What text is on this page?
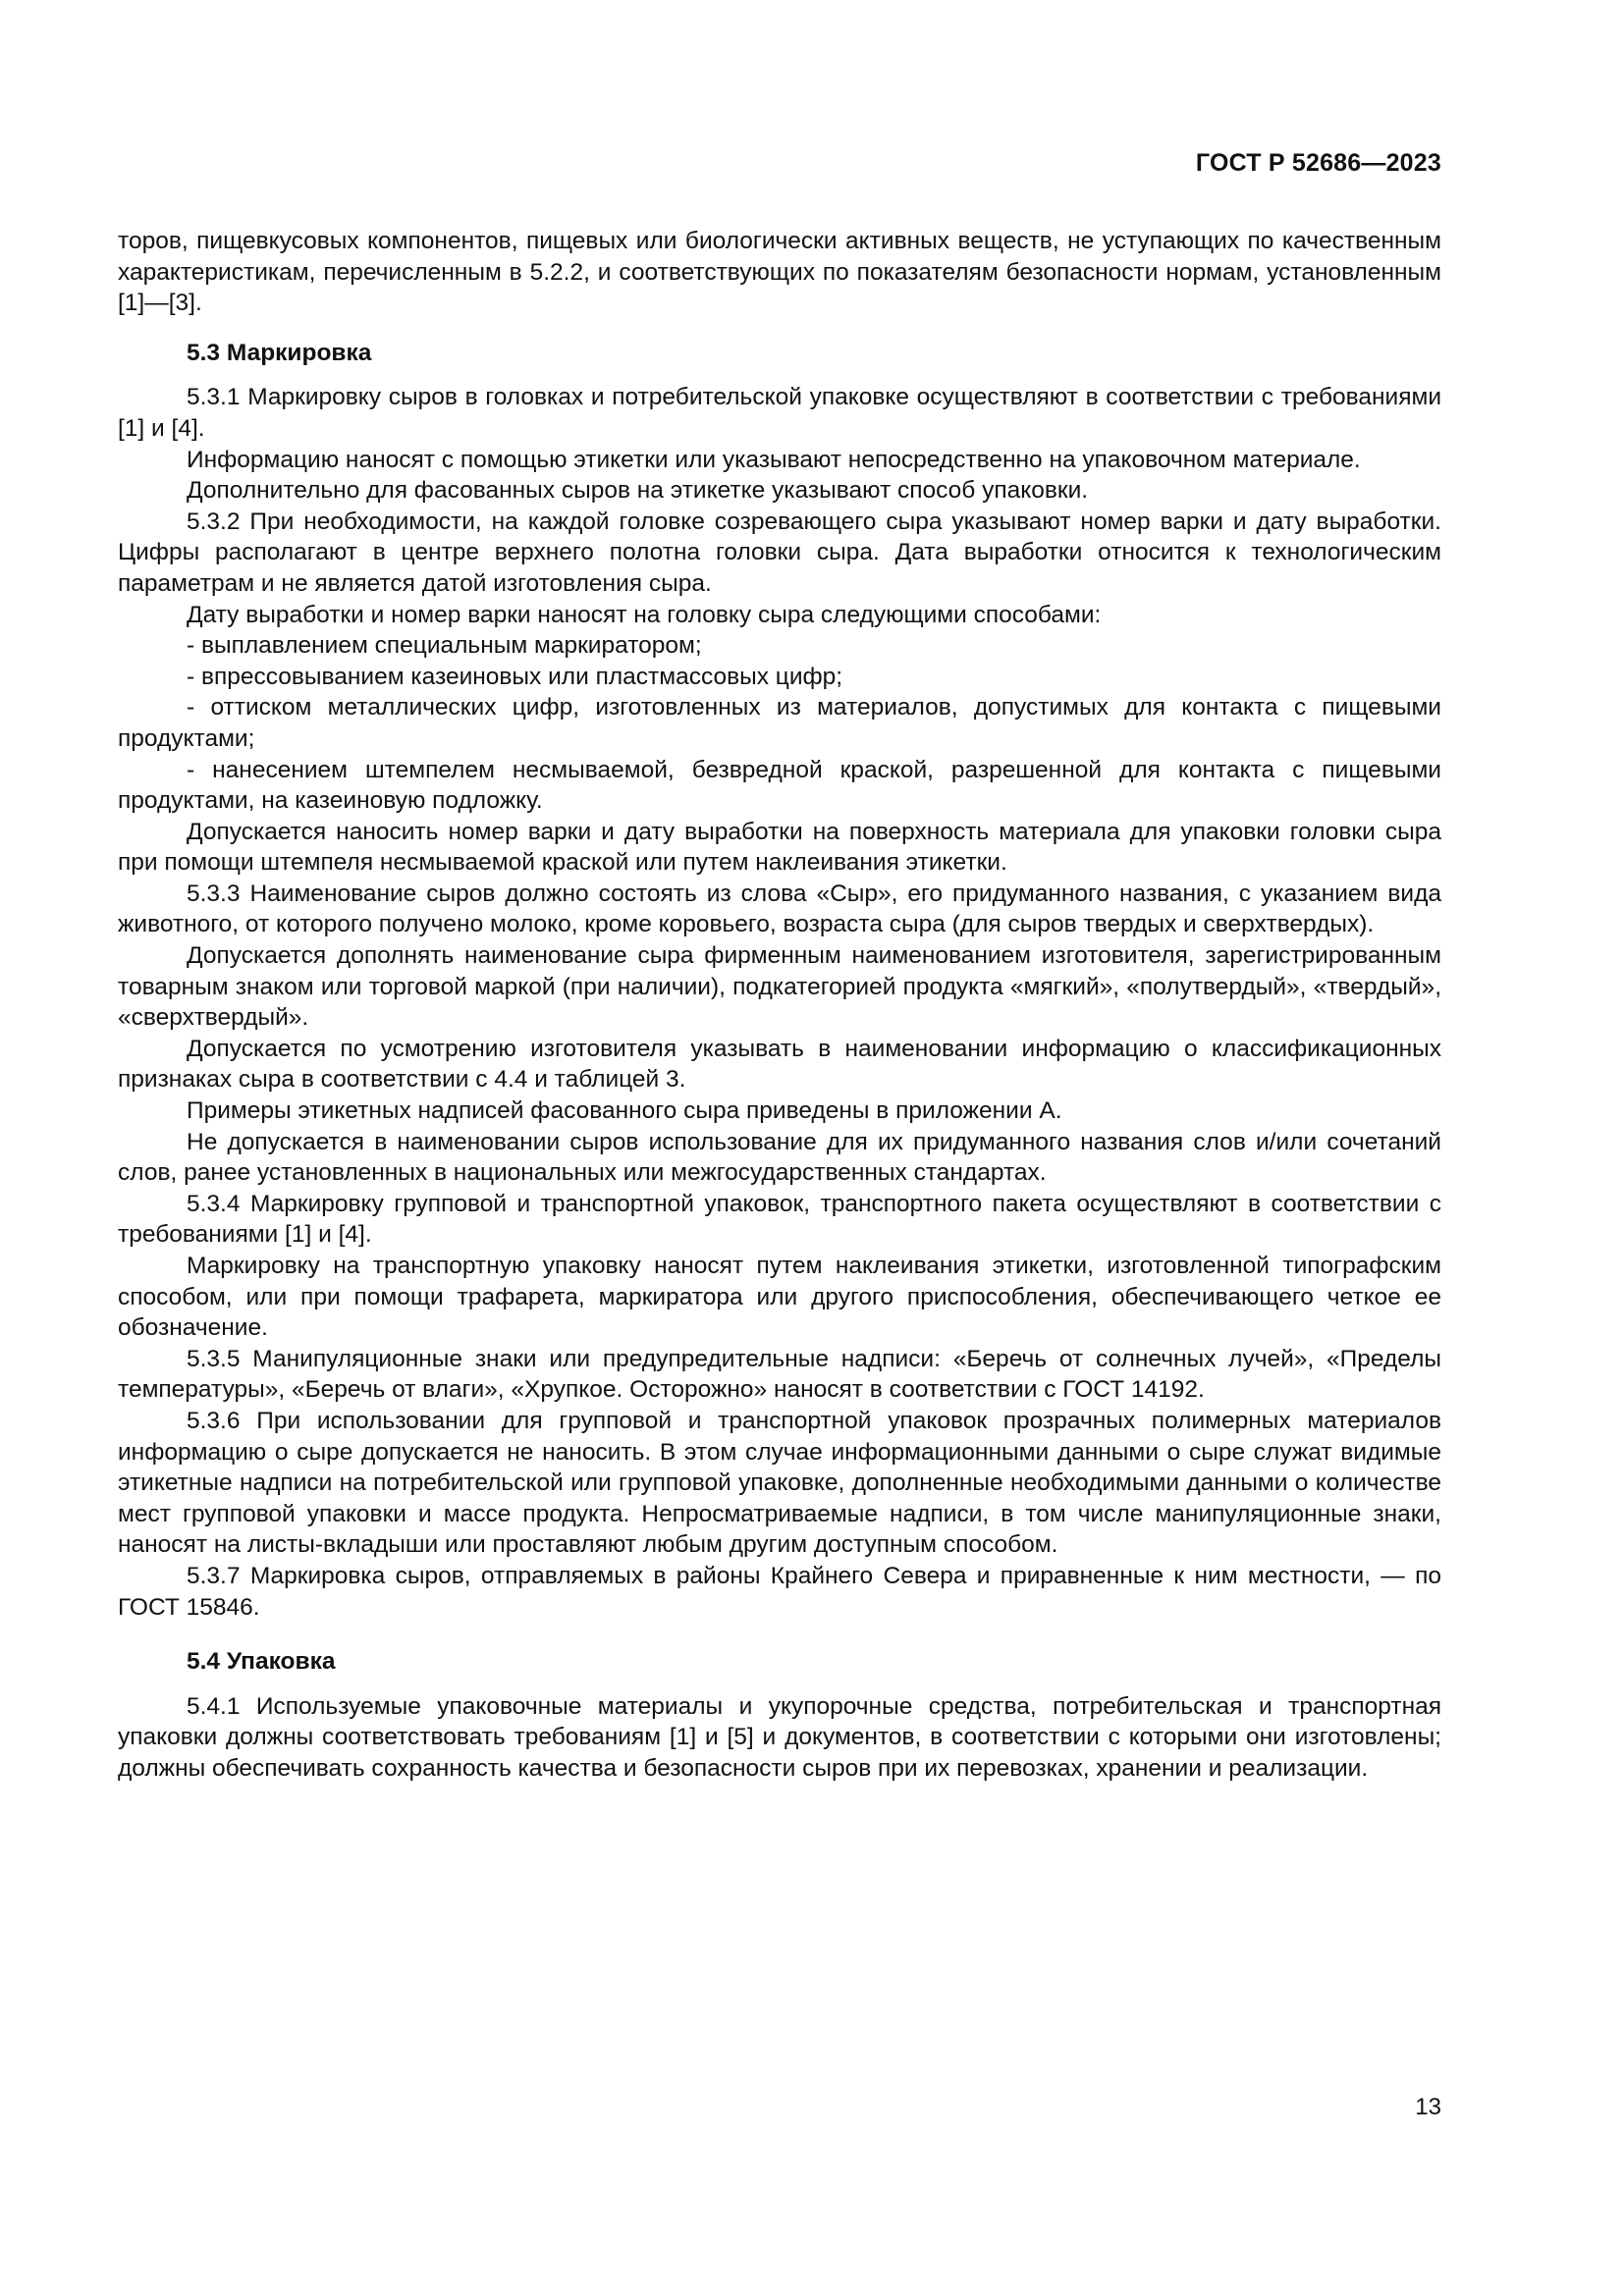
ГОСТ Р 52686—2023

торов, пищевкусовых компонентов, пищевых или биологически активных веществ, не уступающих по качественным характеристикам, перечисленным в 5.2.2, и соответствующих по показателям безопасности нормам, установленным [1]—[3].

5.3 Маркировка

5.3.1 Маркировку сыров в головках и потребительской упаковке осуществляют в соответствии с требованиями [1] и [4].

Информацию наносят с помощью этикетки или указывают непосредственно на упаковочном материале.

Дополнительно для фасованных сыров на этикетке указывают способ упаковки.

5.3.2 При необходимости, на каждой головке созревающего сыра указывают номер варки и дату выработки. Цифры располагают в центре верхнего полотна головки сыра. Дата выработки относится к технологическим параметрам и не является датой изготовления сыра.

Дату выработки и номер варки наносят на головку сыра следующими способами:

- выплавлением специальным маркиратором;

- впрессовыванием казеиновых или пластмассовых цифр;

- оттиском металлических цифр, изготовленных из материалов, допустимых для контакта с пищевыми продуктами;

- нанесением штемпелем несмываемой, безвредной краской, разрешенной для контакта с пищевыми продуктами, на казеиновую подложку.

Допускается наносить номер варки и дату выработки на поверхность материала для упаковки головки сыра при помощи штемпеля несмываемой краской или путем наклеивания этикетки.

5.3.3 Наименование сыров должно состоять из слова «Сыр», его придуманного названия, с указанием вида животного, от которого получено молоко, кроме коровьего, возраста сыра (для сыров твердых и сверхтвердых).

Допускается дополнять наименование сыра фирменным наименованием изготовителя, зарегистрированным товарным знаком или торговой маркой (при наличии), подкатегорией продукта «мягкий», «полутвердый», «твердый», «сверхтвердый».

Допускается по усмотрению изготовителя указывать в наименовании информацию о классификационных признаках сыра в соответствии с 4.4 и таблицей 3.

Примеры этикетных надписей фасованного сыра приведены в приложении А.

Не допускается в наименовании сыров использование для их придуманного названия слов и/или сочетаний слов, ранее установленных в национальных или межгосударственных стандартах.

5.3.4 Маркировку групповой и транспортной упаковок, транспортного пакета осуществляют в соответствии с требованиями [1] и [4].

Маркировку на транспортную упаковку наносят путем наклеивания этикетки, изготовленной типографским способом, или при помощи трафарета, маркиратора или другого приспособления, обеспечивающего четкое ее обозначение.

5.3.5 Манипуляционные знаки или предупредительные надписи: «Беречь от солнечных лучей», «Пределы температуры», «Беречь от влаги», «Хрупкое. Осторожно» наносят в соответствии с ГОСТ 14192.

5.3.6 При использовании для групповой и транспортной упаковок прозрачных полимерных материалов информацию о сыре допускается не наносить. В этом случае информационными данными о сыре служат видимые этикетные надписи на потребительской или групповой упаковке, дополненные необходимыми данными о количестве мест групповой упаковки и массе продукта. Непросматриваемые надписи, в том числе манипуляционные знаки, наносят на листы-вкладыши или проставляют любым другим доступным способом.

5.3.7 Маркировка сыров, отправляемых в районы Крайнего Севера и приравненные к ним местности, — по ГОСТ 15846.

5.4 Упаковка

5.4.1 Используемые упаковочные материалы и укупорочные средства, потребительская и транспортная упаковки должны соответствовать требованиям [1] и [5] и документов, в соответствии с которыми они изготовлены; должны обеспечивать сохранность качества и безопасности сыров при их перевозках, хранении и реализации.

13
